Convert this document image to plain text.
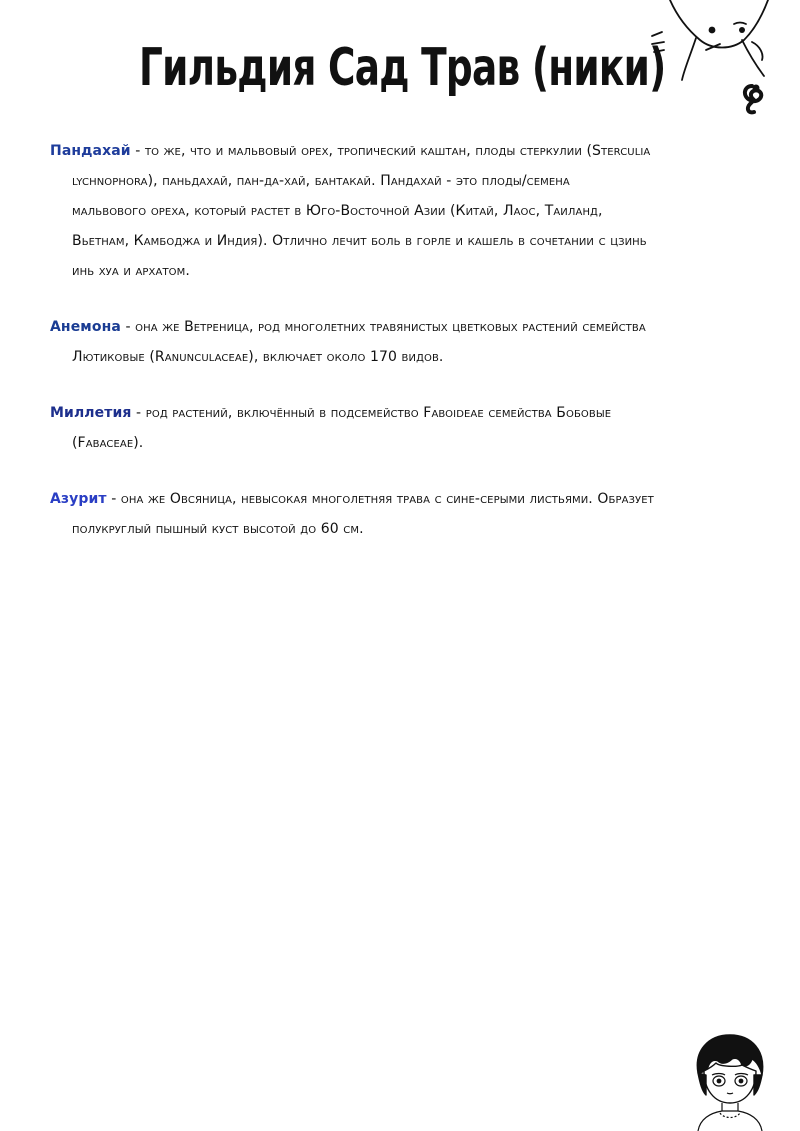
Гильдия Сад Трав (ники)

Пандахай - то же, что и мальвовый орех, тропический каштан, плоды стеркулии (Sterculia
lychnophora), паньдахай, пан-да-хай, бантакай. Пандахай - это плоды/семена
мальвового ореха, который растет в Юго-Восточной Азии (Китай, Лаос, Таиланд,
Вьетнам, Камбоджа и Индия). Отлично лечит боль в горле и кашель в сочетании с цзинь
инь хуа и архатом.

Анемона - она же Ветреница, род многолетних травянистых цветковых растений семейства
Лютиковые (Ranunculaceae), включает около 170 видов.

Миллетия - род растений, включённый в подсемейство Faboideae семейства Бобовые
(Fabaceae).

Азурит - она же Овсяница, невысокая многолетняя трава с сине-серыми листьями. Образует
полукруглый пышный куст высотой до 60 см.
